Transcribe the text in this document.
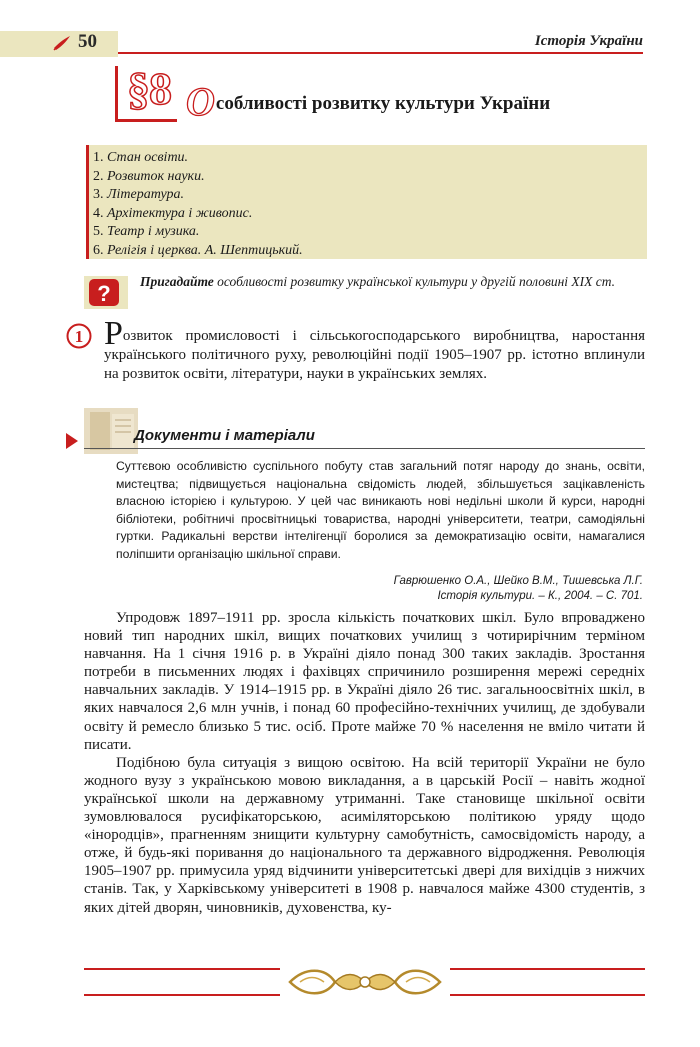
50	Історія України
§8 Особливості розвитку культури України
1. Стан освіти.
2. Розвиток науки.
3. Література.
4. Архітектура і живопис.
5. Театр і музика.
6. Релігія і церква. А. Шептицький.
? Пригадайте особливості розвитку української культури у другій половині XIX ст.
1 Розвиток промисловості і сільськогосподарського виробництва, наростання українського політичного руху, революційні події 1905–1907 рр. істотно вплинули на розвиток освіти, літератури, науки в українських землях.
Документи і матеріали
Суттєвою особливістю суспільного побуту став загальний потяг народу до знань, освіти, мистецтва; підвищується національна свідомість людей, збільшується зацікавленість власною історією і культурою. У цей час виникають нові недільні школи й курси, народні бібліотеки, робітничі просвітницькі товариства, народні університети, театри, самодіяльні гуртки. Радикальні верстви інтелігенції боролися за демократизацію освіти, намагалися поліпшити організацію шкільної справи.
Гаврюшенко О.А., Шейко В.М., Тишевська Л.Г.
Історія культури. – К., 2004. – С. 701.

Упродовж 1897–1911 рр. зросла кількість початкових шкіл. Було впроваджено новий тип народних шкіл, вищих початкових училищ з чотирирічним терміном навчання. На 1 січня 1916 р. в Україні діяло понад 300 таких закладів. Зростання потреби в письменних людях і фахівцях спричинило розширення мережі середніх навчальних закладів. У 1914–1915 рр. в Україні діяло 26 тис. загальноосвітніх шкіл, в яких навчалося 2,6 млн учнів, і понад 60 професійно-технічних училищ, де здобували освіту й ремесло близько 5 тис. осіб. Проте майже 70 % населення не вміло читати й писати.

Подібною була ситуація з вищою освітою. На всій території України не було жодного вузу з українською мовою викладання, а в царській Росії – навіть жодної української школи на державному утриманні. Таке становище шкільної освіти зумовлювалося русифікаторською, асиміляторською політикою уряду щодо «інородців», прагненням знищити культурну самобутність, самосвідомість народу, а отже, й будь-які поривання до національного та державного відродження. Революція 1905–1907 рр. примусила уряд відчинити університетські двері для вихідців з нижчих станів. Так, у Харківському університеті в 1908 р. навчалося майже 4300 студентів, з яких дітей дворян, чиновників, духовенства, ку-
